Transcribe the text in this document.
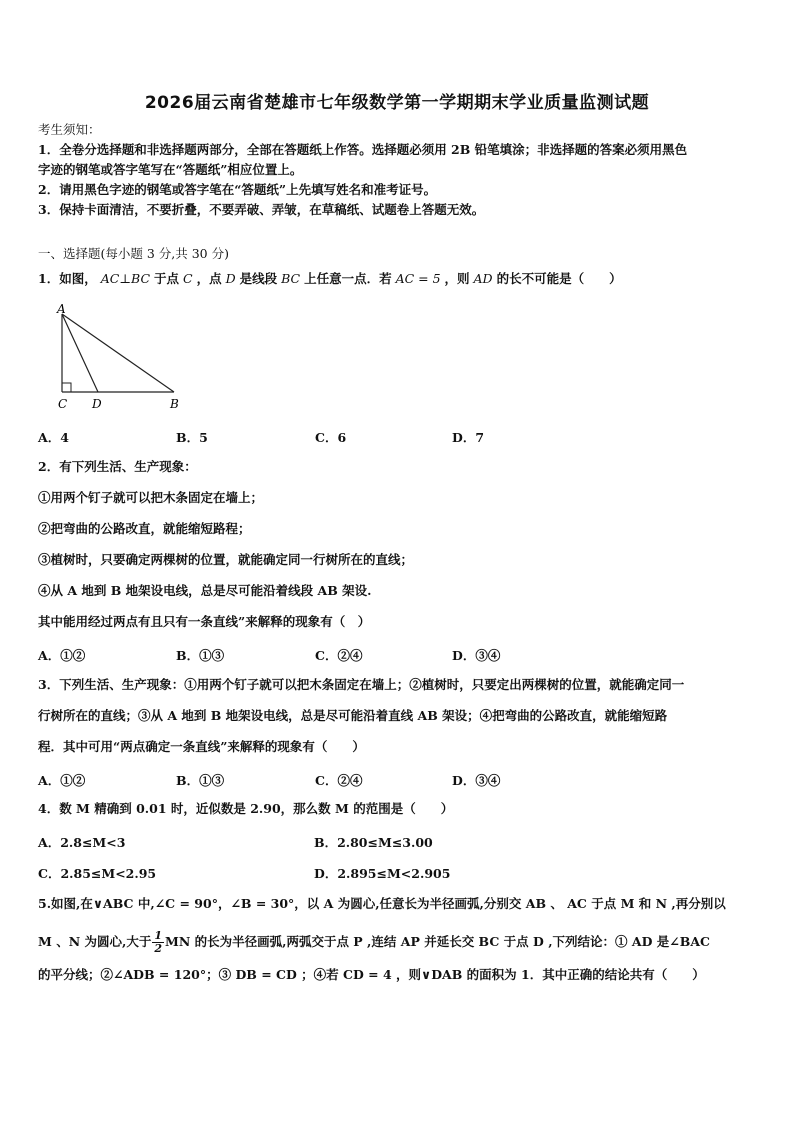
2026届云南省楚雄市七年级数学第一学期期末学业质量监测试题
考生须知：
1．全卷分选择题和非选择题两部分，全部在答题纸上作答。选择题必须用 2B 铅笔填涂；非选择题的答案必须用黑色
字迹的钢笔或答字笔写在“答题纸”相应位置上。
2．请用黑色字迹的钢笔或答字笔在“答题纸”上先填写姓名和准考证号。
3．保持卡面清洁，不要折叠，不要弄破、弄皱，在草稿纸、试题卷上答题无效。
一、选择题(每小题 3 分,共 30 分)
1．如图， AC⊥BC 于点 C ，点 D 是线段 BC 上任意一点．若 AC = 5 ，则 AD 的长不可能是（　　）
A
C D	B
A．4	B．5	C．6	D．7
2．有下列生活、生产现象：
①用两个钉子就可以把木条固定在墙上；
②把弯曲的公路改直，就能缩短路程；
③植树时，只要确定两棵树的位置，就能确定同一行树所在的直线；
④从 A 地到 B 地架设电线，总是尽可能沿着线段 AB 架设.
其中能用经过两点有且只有一条直线”来解释的现象有（　）
A．①②	B．①③	C．②④	D．③④
3．下列生活、生产现象：①用两个钉子就可以把木条固定在墙上；②植树时，只要定出两棵树的位置，就能确定同一
行树所在的直线；③从 A 地到 B 地架设电线，总是尽可能沿着直线 AB 架设；④把弯曲的公路改直，就能缩短路
程．其中可用“两点确定一条直线”来解释的现象有（　　）
A．①②	B．①③	C．②④	D．③④
4．数 M 精确到 0.01 时，近似数是 2.90，那么数 M 的范围是（　　）
A．2.8≤M<3	B．2.80≤M≤3.00
C．2.85≤M<2.95	D．2.895≤M<2.905
5.如图,在∨ABC 中,∠C = 90°，∠B = 30°，以 A 为圆心,任意长为半径画弧,分别交 AB 、 AC 于点 M 和 N ,再分别以
M 、N 为圆心,大于 $\frac{1}{2}$ MN 的长为半径画弧,两弧交于点 P ,连结 AP 并延长交 BC 于点 D ,下列结论：① AD 是∠BAC
的平分线；②∠ADB = 120°；③ DB = CD ；④若 CD = 4 ，则∨DAB 的面积为 1．其中正确的结论共有（　　）
